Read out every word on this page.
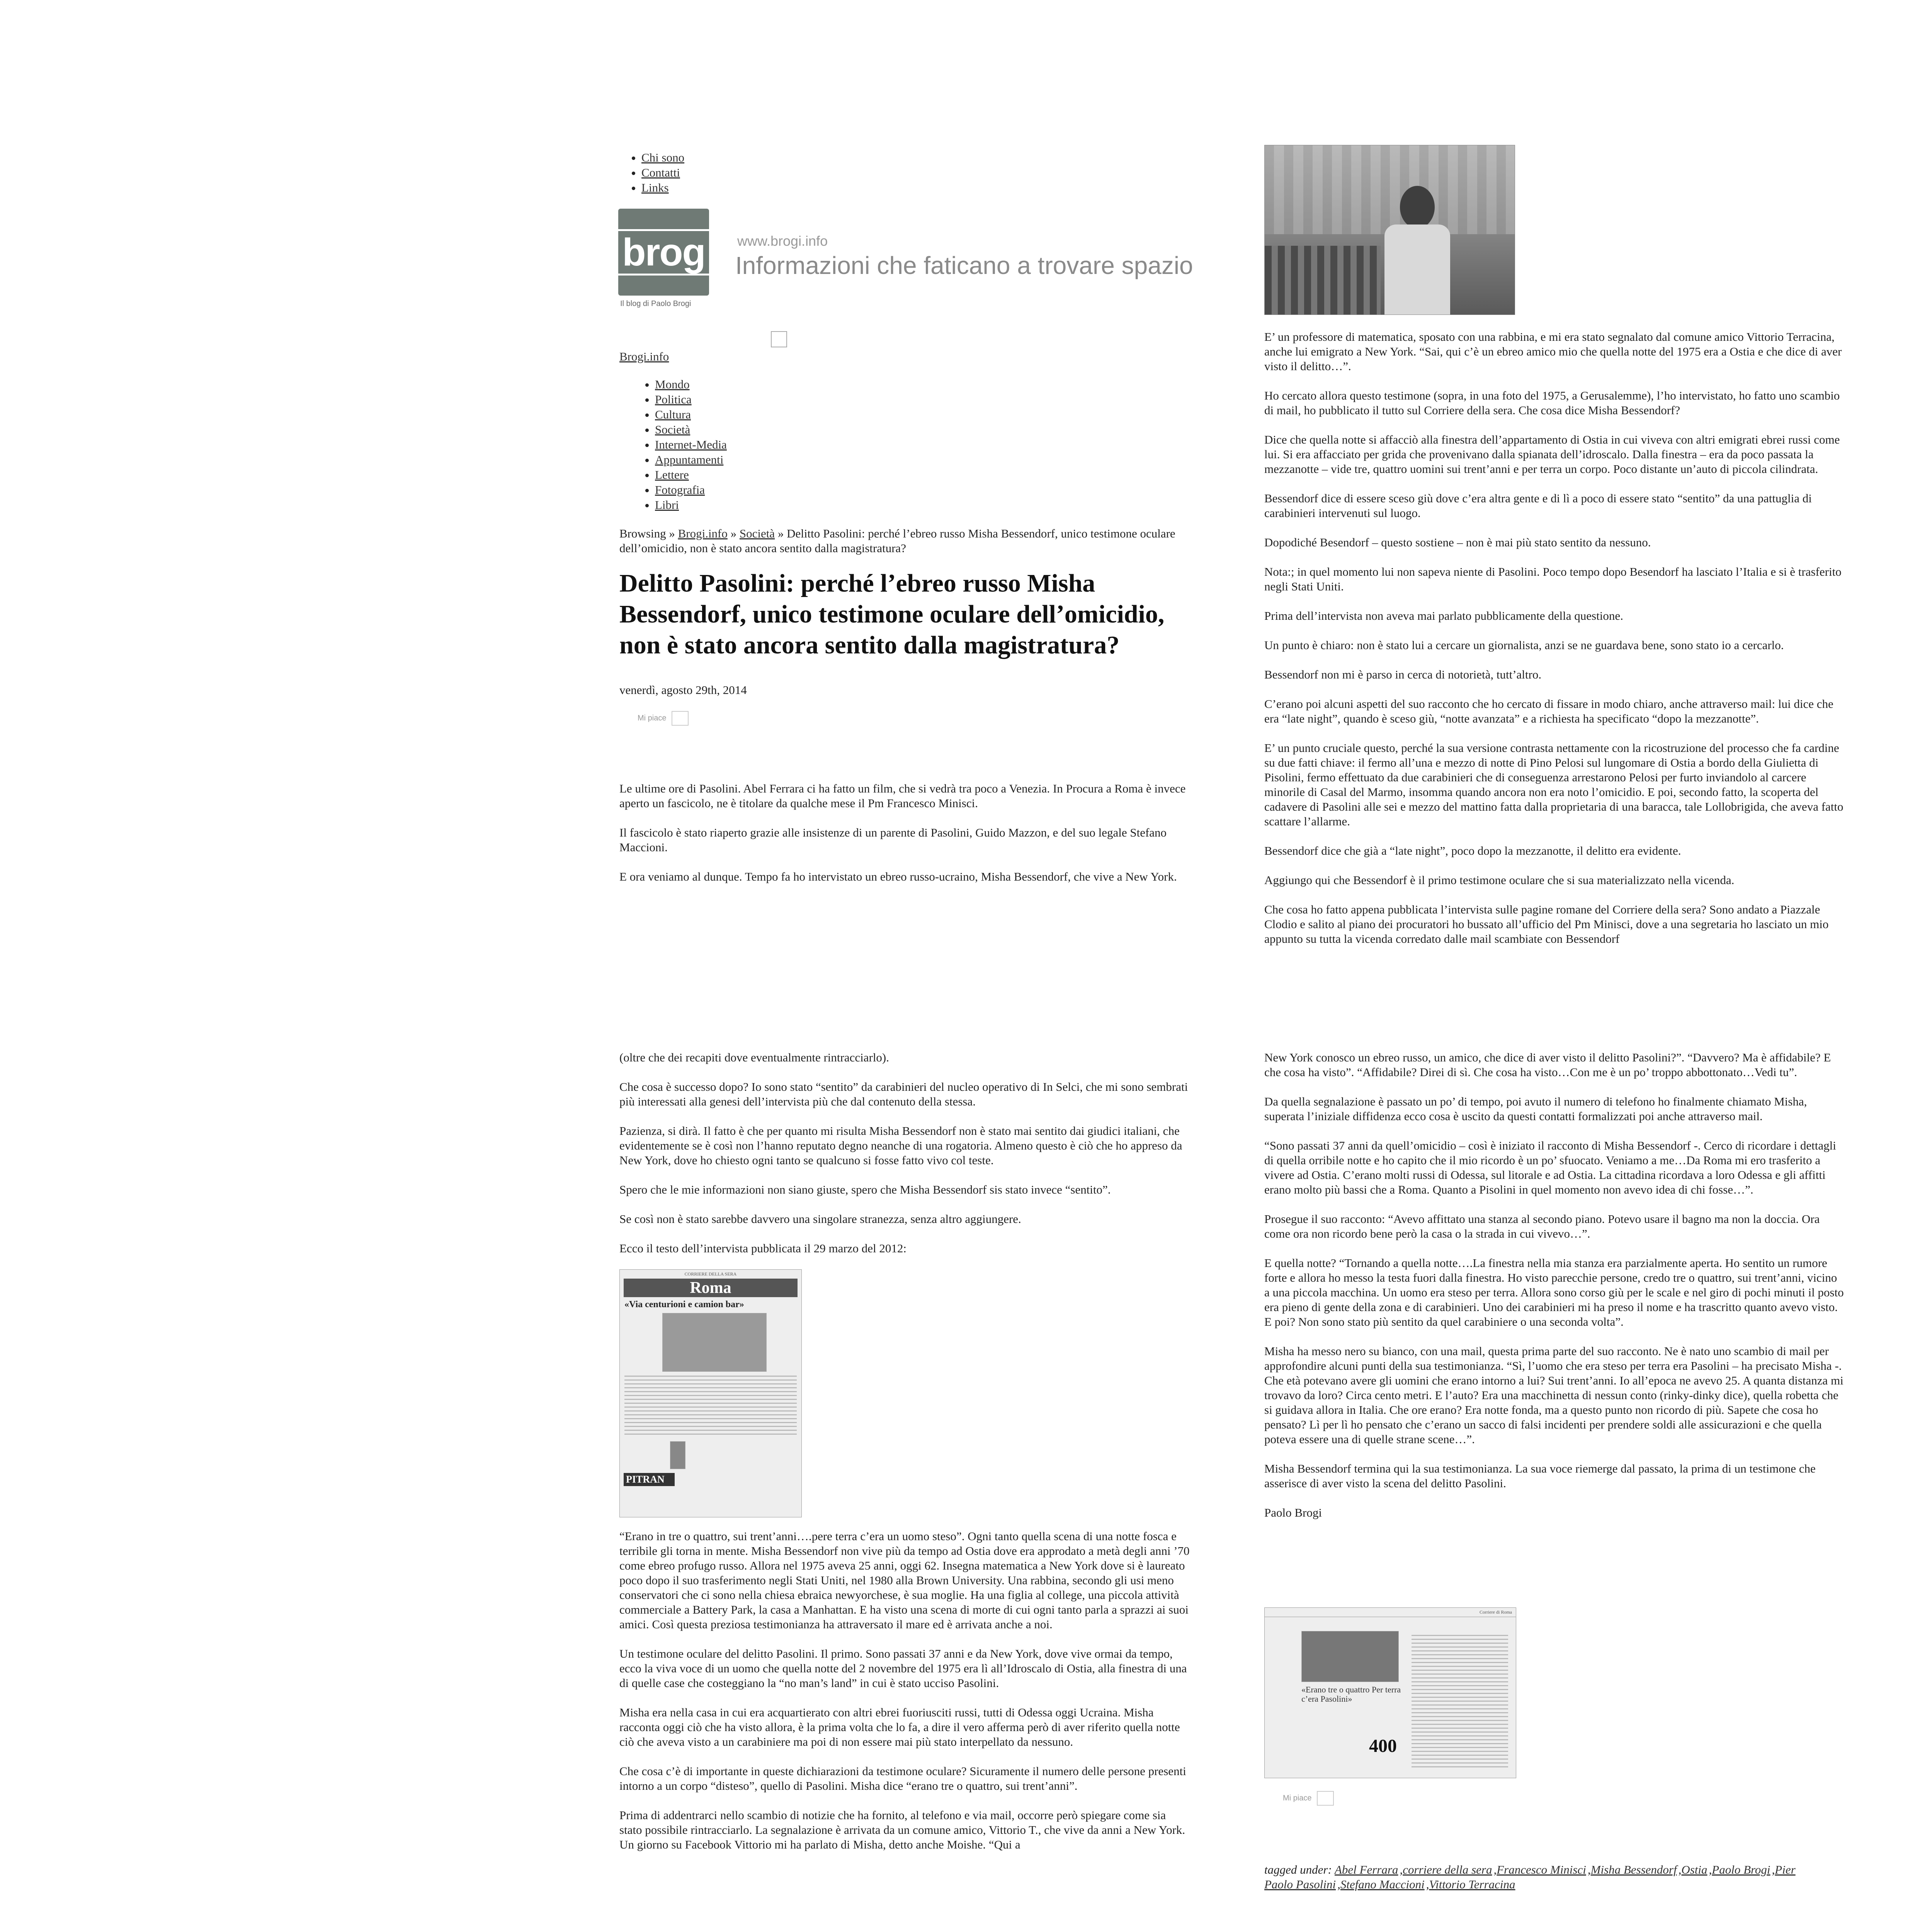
• Chi sono
• Contatti
• Links
brog
Il blog di Paolo Brogi
www.brogi.info
Informazioni che faticano a trovare spazio
Brogi.info
• Mondo
• Politica
• Cultura
• Società
• Internet-Media
• Appuntamenti
• Lettere
• Fotografia
• Libri
Browsing » Brogi.info » Società » Delitto Pasolini: perché l’ebreo russo Misha Bessendorf, unico testimone oculare dell’omicidio, non è stato ancora sentito dalla magistratura?
Delitto Pasolini: perché l’ebreo russo Misha Bessendorf, unico testimone oculare dell’omicidio, non è stato ancora sentito dalla magistratura?
venerdì, agosto 29th, 2014
Mi piace

Le ultime ore di Pasolini. Abel Ferrara ci ha fatto un film, che si vedrà tra poco a Venezia. In Procura a Roma è invece aperto un fascicolo, ne è titolare da qualche mese il Pm Francesco Minisci.

Il fascicolo è stato riaperto grazie alle insistenze di un parente di Pasolini, Guido Mazzon, e del suo legale Stefano Maccioni.

E ora veniamo al dunque. Tempo fa ho intervistato un ebreo russo-ucraino, Misha Bessendorf, che vive a New York.

E’ un professore di matematica, sposato con una rabbina, e mi era stato segnalato dal comune amico Vittorio Terracina, anche lui emigrato a New York. “Sai, qui c’è un ebreo amico mio che quella notte del 1975 era a Ostia e che dice di aver visto il delitto…”.

Ho cercato allora questo testimone (sopra, in una foto del 1975, a Gerusalemme), l’ho intervistato, ho fatto uno scambio di mail, ho pubblicato il tutto sul Corriere della sera. Che cosa dice Misha Bessendorf?

Dice che quella notte si affacciò alla finestra dell’appartamento di Ostia in cui viveva con altri emigrati ebrei russi come lui. Si era affacciato per grida che provenivano dalla spianata dell’idroscalo. Dalla finestra – era da poco passata la mezzanotte – vide tre, quattro uomini sui trent’anni e per terra un corpo. Poco distante un’auto di piccola cilindrata.

Bessendorf dice di essere sceso giù dove c’era altra gente e di lì a poco di essere stato “sentito” da una pattuglia di carabinieri intervenuti sul luogo.

Dopodiché Besendorf – questo sostiene – non è mai più stato sentito da nessuno.

Nota:; in quel momento lui non sapeva niente di Pasolini. Poco tempo dopo Besendorf ha lasciato l’Italia e si è trasferito negli Stati Uniti.

Prima dell’intervista non aveva mai parlato pubblicamente della questione.

Un punto è chiaro: non è stato lui a cercare un giornalista, anzi se ne guardava bene, sono stato io a cercarlo.

Bessendorf non mi è parso in cerca di notorietà, tutt’altro.

C’erano poi alcuni aspetti del suo racconto che ho cercato di fissare in modo chiaro, anche attraverso mail: lui dice che era “late night”, quando è sceso giù, “notte avanzata” e a richiesta ha specificato “dopo la mezzanotte”.

E’ un punto cruciale questo, perché la sua versione contrasta nettamente con la ricostruzione del processo che fa cardine su due fatti chiave: il fermo all’una e mezzo di notte di Pino Pelosi sul lungomare di Ostia a bordo della Giulietta di Pisolini, fermo effettuato da due carabinieri che di conseguenza arrestarono Pelosi per furto inviandolo al carcere minorile di Casal del Marmo, insomma quando ancora non era noto l’omicidio. E poi, secondo fatto, la scoperta del cadavere di Pasolini alle sei e mezzo del mattino fatta dalla proprietaria di una baracca, tale Lollobrigida, che aveva fatto scattare l’allarme.

Bessendorf dice che già a “late night”, poco dopo la mezzanotte, il delitto era evidente.

Aggiungo qui che Bessendorf è il primo testimone oculare che si sua materializzato nella vicenda.

Che cosa ho fatto appena pubblicata l’intervista sulle pagine romane del Corriere della sera? Sono andato a Piazzale Clodio e salito al piano dei procuratori ho bussato all’ufficio del Pm Minisci, dove a una segretaria ho lasciato un mio appunto su tutta la vicenda corredato dalle mail scambiate con Bessendorf

(oltre che dei recapiti dove eventualmente rintracciarlo).

Che cosa è successo dopo? Io sono stato “sentito” da carabinieri del nucleo operativo di In Selci, che mi sono sembrati più interessati alla genesi dell’intervista più che dal contenuto della stessa.

Pazienza, si dirà. Il fatto è che per quanto mi risulta Misha Bessendorf non è stato mai sentito dai giudici italiani, che evidentemente se è così non l’hanno reputato degno neanche di una rogatoria. Almeno questo è ciò che ho appreso da New York, dove ho chiesto ogni tanto se qualcuno si fosse fatto vivo col teste.

Spero che le mie informazioni non siano giuste, spero che Misha Bessendorf sis stato invece “sentito”.

Se così non è stato sarebbe davvero una singolare stranezza, senza altro aggiungere.

Ecco il testo dell’intervista pubblicata il 29 marzo del 2012:

CORRIERE DELLA SERA
Roma
«Via centurioni e camion bar»
PITRAN

“Erano in tre o quattro, sui trent’anni….pere terra c’era un uomo steso”. Ogni tanto quella scena di una notte fosca e terribile gli torna in mente. Misha Bessendorf non vive più da tempo ad Ostia dove era approdato a metà degli anni ’70 come ebreo profugo russo. Allora nel 1975 aveva 25 anni, oggi 62. Insegna matematica a New York dove si è laureato poco dopo il suo trasferimento negli Stati Uniti, nel 1980 alla Brown University. Una rabbina, secondo gli usi meno conservatori che ci sono nella chiesa ebraica newyorchese, è sua moglie. Ha una figlia al college, una piccola attività commerciale a Battery Park, la casa a Manhattan. E ha visto una scena di morte di cui ogni tanto parla a sprazzi ai suoi amici. Così questa preziosa testimonianza ha attraversato il mare ed è arrivata anche a noi.

Un testimone oculare del delitto Pasolini. Il primo. Sono passati 37 anni e da New York, dove vive ormai da tempo, ecco la viva voce di un uomo che quella notte del 2 novembre del 1975 era lì all’Idroscalo di Ostia, alla finestra di una di quelle case che costeggiano la “no man’s land” in cui è stato ucciso Pasolini.

Misha era nella casa in cui era acquartierato con altri ebrei fuoriusciti russi, tutti di Odessa oggi Ucraina. Misha racconta oggi ciò che ha visto allora, è la prima volta che lo fa, a dire il vero afferma però di aver riferito quella notte ciò che aveva visto a un carabiniere ma poi di non essere mai più stato interpellato da nessuno.

Che cosa c’è di importante in queste dichiarazioni da testimone oculare? Sicuramente il numero delle persone presenti intorno a un corpo “disteso”, quello di Pasolini. Misha dice “erano tre o quattro, sui trent’anni”.

Prima di addentrarci nello scambio di notizie che ha fornito, al telefono e via mail, occorre però spiegare come sia stato possibile rintracciarlo. La segnalazione è arrivata da un comune amico, Vittorio T., che vive da anni a New York. Un giorno su Facebook Vittorio mi ha parlato di Misha, detto anche Moishe. “Qui a

New York conosco un ebreo russo, un amico, che dice di aver visto il delitto Pasolini?”. “Davvero? Ma è affidabile? E che cosa ha visto”. “Affidabile? Direi di sì. Che cosa ha visto…Con me è un po’ troppo abbottonato…Vedi tu”.

Da quella segnalazione è passato un po’ di tempo, poi avuto il numero di telefono ho finalmente chiamato Misha, superata l’iniziale diffidenza ecco cosa è uscito da questi contatti formalizzati poi anche attraverso mail.

“Sono passati 37 anni da quell’omicidio – così è iniziato il racconto di Misha Bessendorf -. Cerco di ricordare i dettagli di quella orribile notte e ho capito che il mio ricordo è un po’ sfuocato. Veniamo a me…Da Roma mi ero trasferito a vivere ad Ostia. C’erano molti russi di Odessa, sul litorale e ad Ostia. La cittadina ricordava a loro Odessa e gli affitti erano molto più bassi che a Roma. Quanto a Pisolini in quel momento non avevo idea di chi fosse…”.

Prosegue il suo racconto: “Avevo affittato una stanza al secondo piano. Potevo usare il bagno ma non la doccia. Ora come ora non ricordo bene però la casa o la strada in cui vivevo…”.

E quella notte? “Tornando a quella notte….La finestra nella mia stanza era parzialmente aperta. Ho sentito un rumore forte e allora ho messo la testa fuori dalla finestra. Ho visto parecchie persone, credo tre o quattro, sui trent’anni, vicino a una piccola macchina. Un uomo era steso per terra. Allora sono corso giù per le scale e nel giro di pochi minuti il posto era pieno di gente della zona e di carabinieri. Uno dei carabinieri mi ha preso il nome e ha trascritto quanto avevo visto. E poi? Non sono stato più sentito da quel carabiniere o una seconda volta”.

Misha ha messo nero su bianco, con una mail, questa prima parte del suo racconto. Ne è nato uno scambio di mail per approfondire alcuni punti della sua testimonianza. “Sì, l’uomo che era steso per terra era Pasolini – ha precisato Misha -. Che età potevano avere gli uomini che erano intorno a lui? Sui trent’anni. Io all’epoca ne avevo 25. A quanta distanza mi trovavo da loro? Circa cento metri. E l’auto? Era una macchinetta di nessun conto (rinky-dinky dice), quella robetta che si guidava allora in Italia. Che ore erano? Era notte fonda, ma a questo punto non ricordo di più. Sapete che cosa ho pensato? Lì per lì ho pensato che c’erano un sacco di falsi incidenti per prendere soldi alle assicurazioni e che quella poteva essere una di quelle strane scene…”.

Misha Bessendorf termina qui la sua testimonianza. La sua voce riemerge dal passato, la prima di un testimone che asserisce di aver visto la scena del delitto Pasolini.

Paolo Brogi

Corriere di Roma
«Erano tre o quattro Per terra c’era Pasolini»
400
Mi piace
tagged under: Abel Ferrara ,corriere della sera ,Francesco Minisci ,Misha Bessendorf ,Ostia ,Paolo Brogi ,Pier Paolo Pasolini ,Stefano Maccioni ,Vittorio Terracina
